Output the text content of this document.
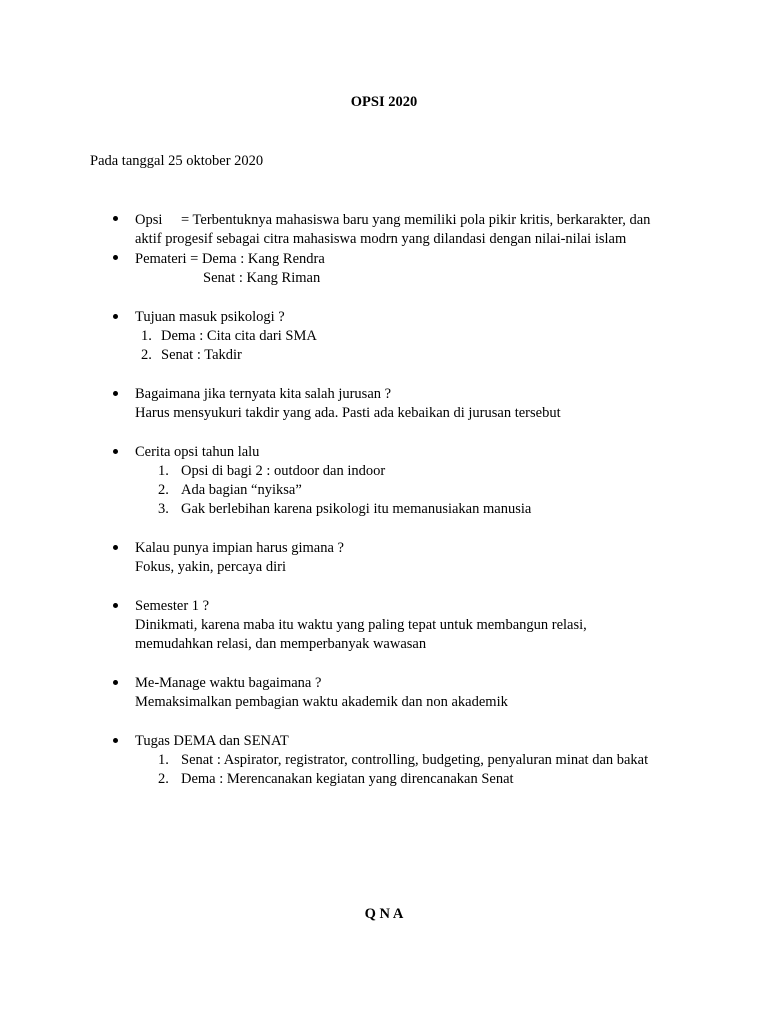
OPSI 2020
Pada tanggal 25 oktober 2020
Opsi = Terbentuknya mahasiswa baru yang memiliki pola pikir kritis, berkarakter, dan
aktif progesif sebagai citra mahasiswa modrn yang dilandasi dengan nilai-nilai islam
Pemateri = Dema : Kang Rendra
Senat : Kang Riman
Tujuan masuk psikologi ?
1. Dema : Cita cita dari SMA
2. Senat : Takdir
Bagaimana jika ternyata kita salah jurusan ?
Harus mensyukuri takdir yang ada. Pasti ada kebaikan di jurusan tersebut
Cerita opsi tahun lalu
1. Opsi di bagi 2 : outdoor dan indoor
2. Ada bagian “nyiksa”
3. Gak berlebihan karena psikologi itu memanusiakan manusia
Kalau punya impian harus gimana ?
Fokus, yakin, percaya diri
Semester 1 ?
Dinikmati, karena maba itu waktu yang paling tepat untuk membangun relasi,
memudahkan relasi, dan memperbanyak wawasan
Me-Manage waktu bagaimana ?
Memaksimalkan pembagian waktu akademik dan non akademik
Tugas DEMA dan SENAT
1. Senat : Aspirator, registrator, controlling, budgeting, penyaluran minat dan bakat
2. Dema : Merencanakan kegiatan yang direncanakan Senat
Q N A
